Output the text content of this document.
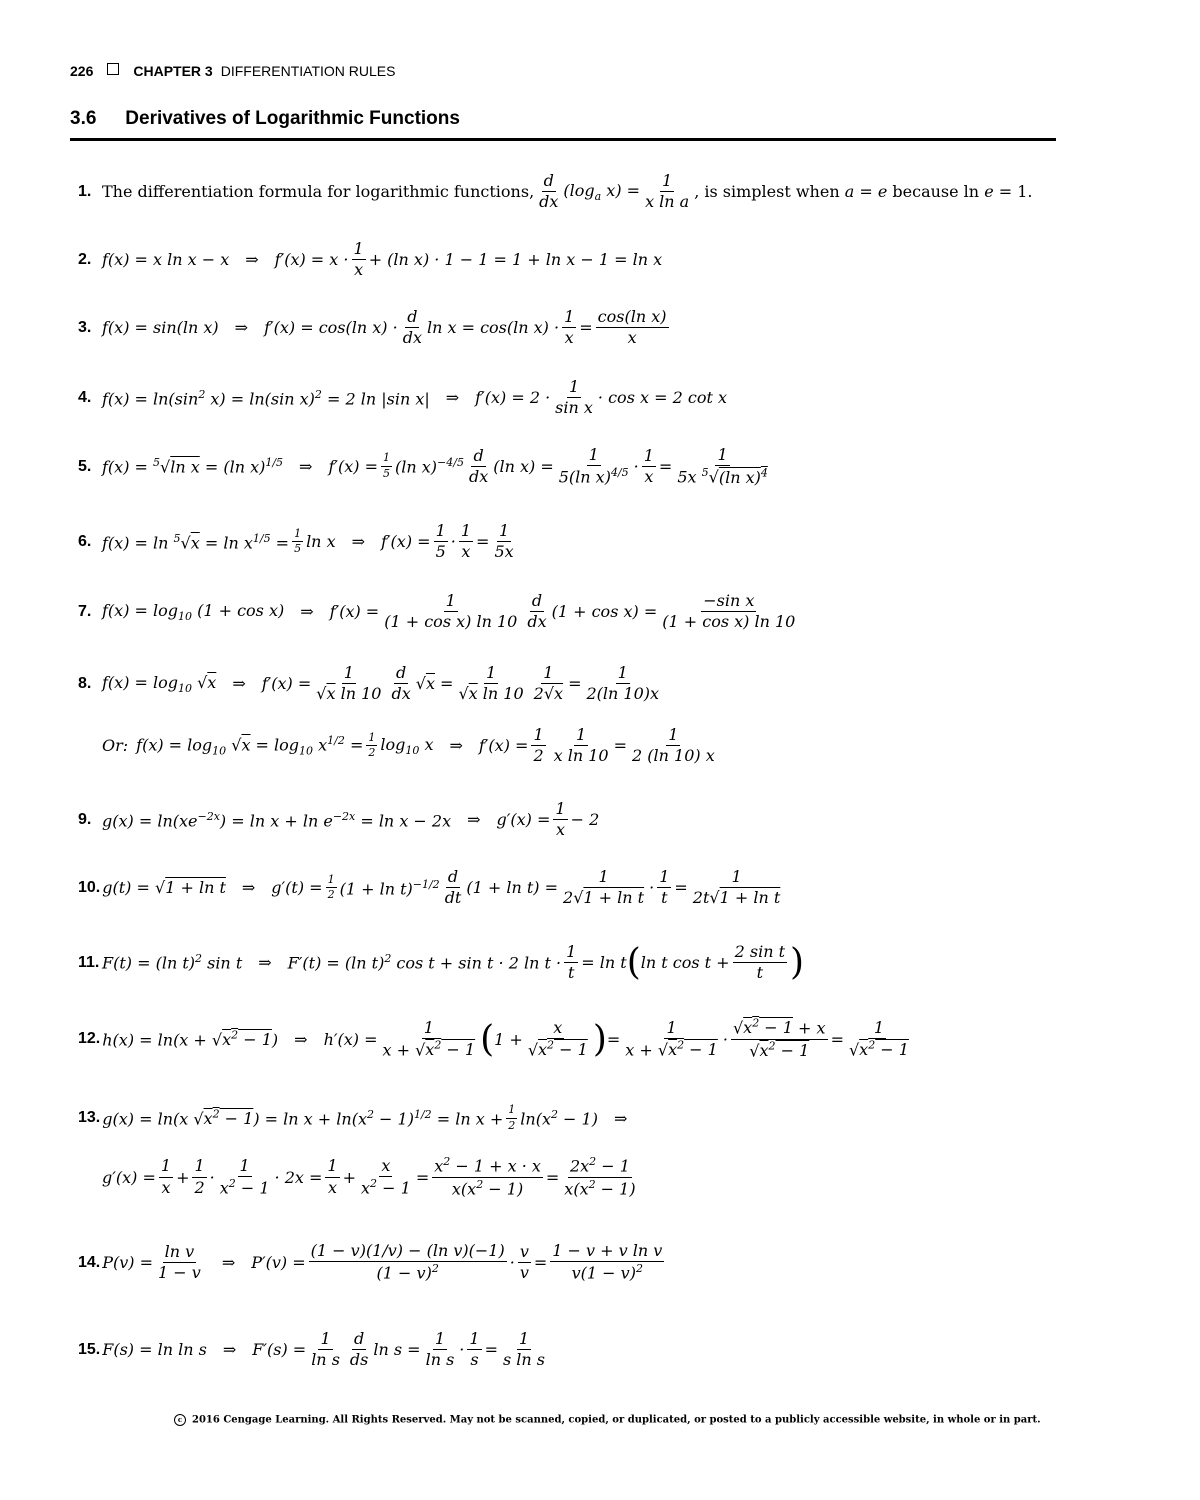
226	CHAPTER 3 DIFFERENTIATION RULES
3.6 Derivatives of Logarithmic Functions
1. The differentiation formula for logarithmic functions,
d
dx
($\log_a$ $x) = \frac{1}{\text{x ln a}}$ , is simplest when a = e because ln e = 1.
2. f(x) = x ln x − x ⇒ f′(x) = x ·
1
x
+ (ln x) · 1 − 1 = 1 + ln x − 1 = ln x
3. f(x) = sin(ln x) ⇒ f′(x) = cos(ln x) ·
d
dx
ln x = cos(ln $x) \cdot \frac{1}{x} = \frac{\text{cos(ln x)}}{x}$
4. $f(x) = \ln(\sin^2$ x) = ln(sin x)$^2$ = 2 ln |sin x| ⇒ f′(x) = 2 ·
1
sin x
· cos x = 2 cot x
5. f(x) = $^5$√ln x = (ln x)$^{1/5}$ ⇒ $f'(x) = \frac{1}{5} (\ln$ x)$^{-4/5}$ d
dx
(ln $x) = \frac{1}{5(\ln x)^{4/5}} \cdot \frac{1}{x} = \frac{1}{5x ^5√(\ln x)^4}$
6. $f(x) = \ln ^5√x = \ln x^{1/5} = \frac{1}{5}$ ln x ⇒ $f'(x) = \frac{1}{5} \cdot \frac{1}{x} = \frac{1}{5x}$
7. $f(x) = \log_{10} (1 + \cos x)$ ⇒ $f'(x) = \frac{1}{\text{(1 + cos x) ln 10}}$ d
dx
$(1 + \cos x) = \frac{\text{−sin x}}{\text{(1 + cos x) ln 10}}$
8. $f(x) = \log_{10} √x$ ⇒ $f'(x) = \frac{1}{\text{√x ln 10}}$ d
dx
$√x = \frac{1}{\text{√x ln 10}} \frac{1}{2√x} = \frac{1}{2(\ln 10)x}$
Or: $f(x) = \log_{10} √x = \log_{10} x^{1/2} = \frac{1}{2} \log_{10} x$ ⇒ $f'(x) = \frac{1}{2} \frac{1}{\text{x ln 10}} = \frac{1}{2 (\ln 10) x}$
9. $g(x) = \ln(xe^{-2x}) = \ln x + \ln e^{-2x} = \ln x - 2x$ ⇒ $g'(x) = \frac{1}{x} - 2$
10. g(t) = √1 + ln t ⇒ $g'(t) = \frac{1}{2} (1 + \ln t)^{-1/2}$ d
dt
$(1 + \ln t) = \frac{1}{\text{2√1 + ln t}} \cdot \frac{1}{t} = \frac{1}{\text{2t√1 + ln t}}$
11. F(t) = (ln t)$^2$ sin t ⇒ F′(t) = (ln t)$^2$ cos t + sin t · 2 $\ln t \cdot \frac{1}{t} = \ln t$ ( ln t $\cos t + \frac{\text{2 sin t}}{t}$ )
12. $h(x) = \ln(x + √x^2 - 1)$ ⇒ $h'(x) = \frac{1}{x + √x^2 - 1}$ ( $1 + \frac{x}{√x^2 - 1}$ ) = $\frac{1}{x + √x^2 - 1} \cdot \frac{√x^2 - 1 + x}{√x^2 - 1} = \frac{1}{√x^2 - 1}$
13. g(x) = ln(x $√x^2 - 1) = \ln x + \ln(x^2 - 1)^{1/2} = \ln x + \frac{1}{2} \ln(x^2 - 1)$ ⇒
$g'(x) = \frac{1}{x} + \frac{1}{2}$ ·
1
$x^2 - 1$
· $2x = \frac{1}{x} + \frac{x}{x^2 - 1} = \frac{x^2 - 1 + x \cdot x}{x(x^2 - 1)} = \frac{2x^2 - 1}{x(x^2 - 1)}$
14. $P(v) = \frac{\text{ln v}}{1 - v}$ ⇒ $P'(v) = \frac{\text{(1 − v)(1/v) − (ln v)(−1)}}{(1 - v)^2} \cdot \frac{v}{v} = \frac{\text{1 − v + v ln v}}{v(1 - v)^2}$
15. F(s) = ln ln s ⇒ $F'(s) = \frac{1}{\text{ln s}}$ d
ds
$\ln s = \frac{1}{\text{ln s}} \cdot \frac{1}{s} = \frac{1}{\text{s ln s}}$
c 2016 Cengage Learning. All Rights Reserved. May not be scanned, copied, or duplicated, or posted to a publicly accessible website, in whole or in part.
